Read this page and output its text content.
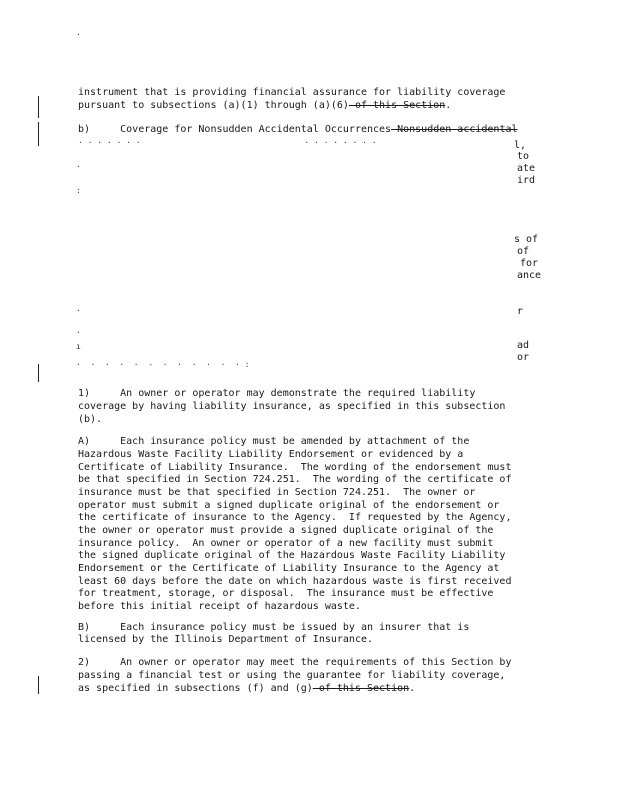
·

instrument that is providing financial assurance for liability coverage

pursuant to subsections (a)(1) through (a)(6) of this Section.

b)     Coverage for Nonsudden Accidental Occurrences Nonsudden accidental

· · · · · · ·                                  · · · · · · · ·	l,

to

ate

ird

·
:

s of

of

for

ance

r

·
·
ı	ad

or

·  ·  ·  ·  ·  -  ·  ·  ·  ·  ·  · :

1)     An owner or operator may demonstrate the required liability

coverage by having liability insurance, as specified in this subsection

(b).

A)     Each insurance policy must be amended by attachment of the

Hazardous Waste Facility Liability Endorsement or evidenced by a

Certificate of Liability Insurance.  The wording of the endorsement must

be that specified in Section 724.251.  The wording of the certificate of

insurance must be that specified in Section 724.251.  The owner or

operator must submit a signed duplicate original of the endorsement or

the certificate of insurance to the Agency.  If requested by the Agency,

the owner or operator must provide a signed duplicate original of the

insurance policy.  An owner or operator of a new facility must submit

the signed duplicate original of the Hazardous Waste Facility Liability

Endorsement or the Certificate of Liability Insurance to the Agency at

least 60 days before the date on which hazardous waste is first received

for treatment, storage, or disposal.  The insurance must be effective

before this initial receipt of hazardous waste.

B)     Each insurance policy must be issued by an insurer that is

licensed by the Illinois Department of Insurance.

2)     An owner or operator may meet the requirements of this Section by

passing a financial test or using the guarantee for liability coverage,

as specified in subsections (f) and (g) of this Section.
